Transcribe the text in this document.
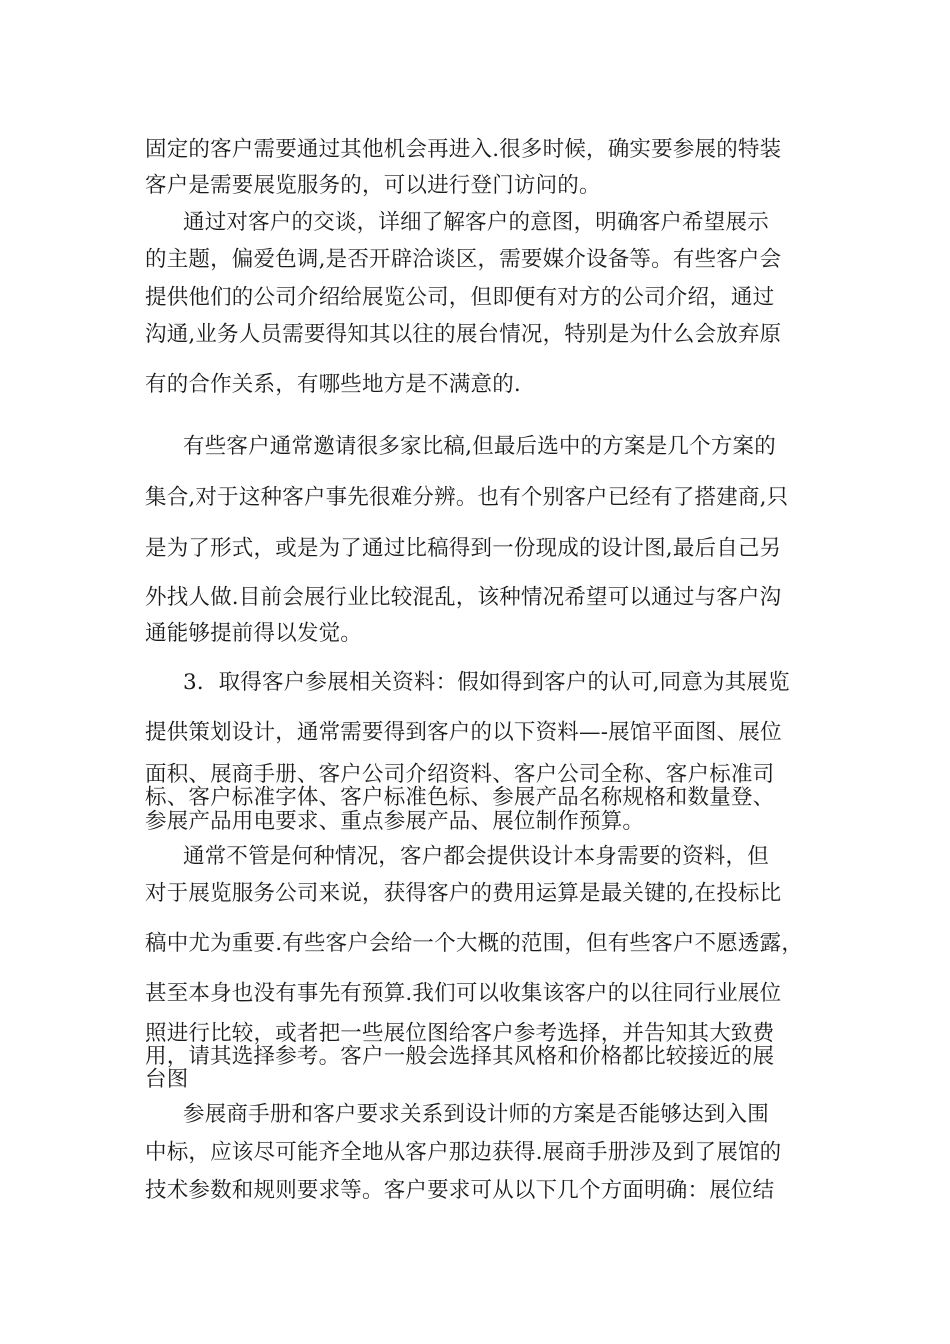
固定的客户需要通过其他机会再进入.很多时候，确实要参展的特装

客户是需要展览服务的，可以进行登门访问的。

通过对客户的交谈，详细了解客户的意图，明确客户希望展示

的主题，偏爱色调,是否开辟洽谈区，需要媒介设备等。有些客户会

提供他们的公司介绍给展览公司，但即便有对方的公司介绍，通过

沟通,业务人员需要得知其以往的展台情况，特别是为什么会放弃原

有的合作关系，有哪些地方是不满意的.

有些客户通常邀请很多家比稿,但最后选中的方案是几个方案的

集合,对于这种客户事先很难分辨。也有个别客户已经有了搭建商,只

是为了形式，或是为了通过比稿得到一份现成的设计图,最后自己另

外找人做.目前会展行业比较混乱，该种情况希望可以通过与客户沟

通能够提前得以发觉。

3．取得客户参展相关资料：假如得到客户的认可,同意为其展览

提供策划设计，通常需要得到客户的以下资料—-展馆平面图、展位

面积、展商手册、客户公司介绍资料、客户公司全称、客户标准司

标、客户标准字体、客户标准色标、参展产品名称规格和数量登、

参展产品用电要求、重点参展产品、展位制作预算。

通常不管是何种情况，客户都会提供设计本身需要的资料，但

对于展览服务公司来说，获得客户的费用运算是最关键的,在投标比

稿中尤为重要.有些客户会给一个大概的范围，但有些客户不愿透露，

甚至本身也没有事先有预算.我们可以收集该客户的以往同行业展位

照进行比较，或者把一些展位图给客户参考选择，并告知其大致费

用，请其选择参考。客户一般会选择其风格和价格都比较接近的展

台图

参展商手册和客户要求关系到设计师的方案是否能够达到入围

中标，应该尽可能齐全地从客户那边获得.展商手册涉及到了展馆的

技术参数和规则要求等。客户要求可从以下几个方面明确：展位结
